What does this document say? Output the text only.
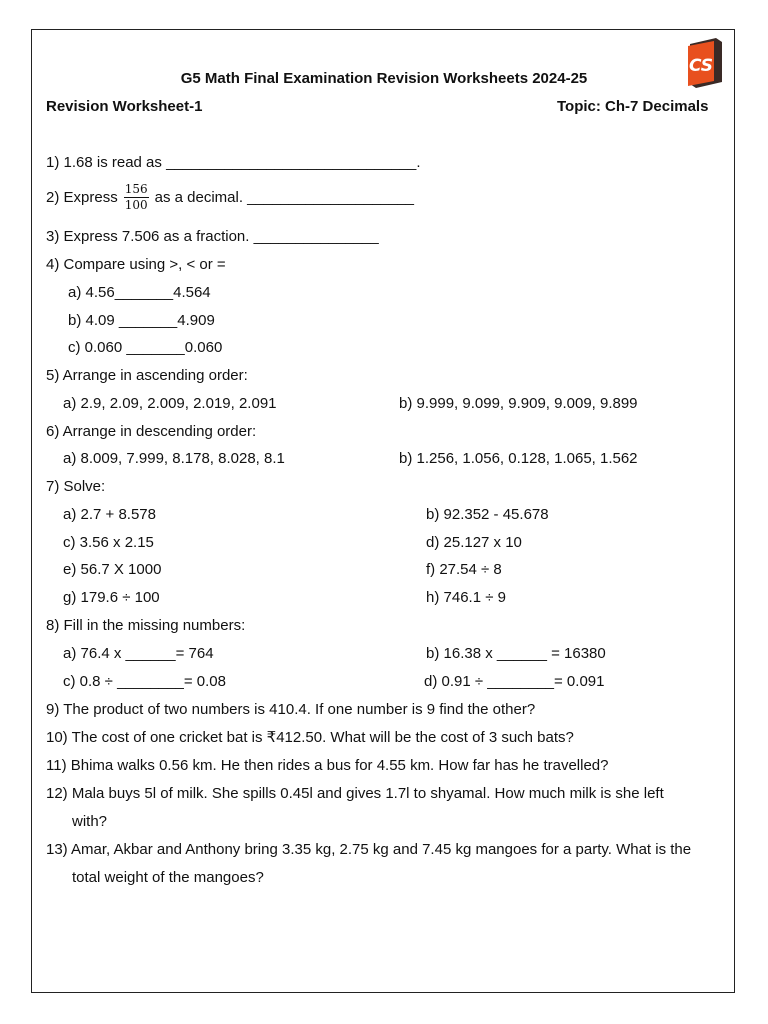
CS
G5 Math Final Examination Revision Worksheets 2024-25
Revision Worksheet-1	Topic: Ch-7 Decimals
1) 1.68 is read as ______________________________.
2) Express $\frac{156}{100}$ as a decimal. ____________________
3) Express 7.506 as a fraction. _______________
4) Compare using >, < or =
a) 4.56_______4.564
b) 4.09 _______4.909
c) 0.060 _______0.060
5) Arrange in ascending order:
a) 2.9, 2.09, 2.009, 2.019, 2.091	b) 9.999, 9.099, 9.909, 9.009, 9.899
6) Arrange in descending order:
a) 8.009, 7.999, 8.178, 8.028, 8.1	b) 1.256, 1.056, 0.128, 1.065, 1.562
7) Solve:
a) 2.7 + 8.578	b) 92.352 - 45.678
c) 3.56 x 2.15	d) 25.127 x 10
e) 56.7 X 1000	f) 27.54 ÷ 8
g) 179.6 ÷ 100	h) 746.1 ÷ 9
8) Fill in the missing numbers:
a) 76.4 x ______= 764	b) 16.38 x ______ = 16380
c) 0.8 ÷ ________= 0.08	d) 0.91 ÷ ________= 0.091
9) The product of two numbers is 410.4. If one number is 9 find the other?
10) The cost of one cricket bat is ₹412.50. What will be the cost of 3 such bats?
11) Bhima walks 0.56 km. He then rides a bus for 4.55 km. How far has he travelled?
12) Mala buys 5l of milk. She spills 0.45l and gives 1.7l to shyamal. How much milk is she left
with?
13) Amar, Akbar and Anthony bring 3.35 kg, 2.75 kg and 7.45 kg mangoes for a party. What is the
total weight of the mangoes?
